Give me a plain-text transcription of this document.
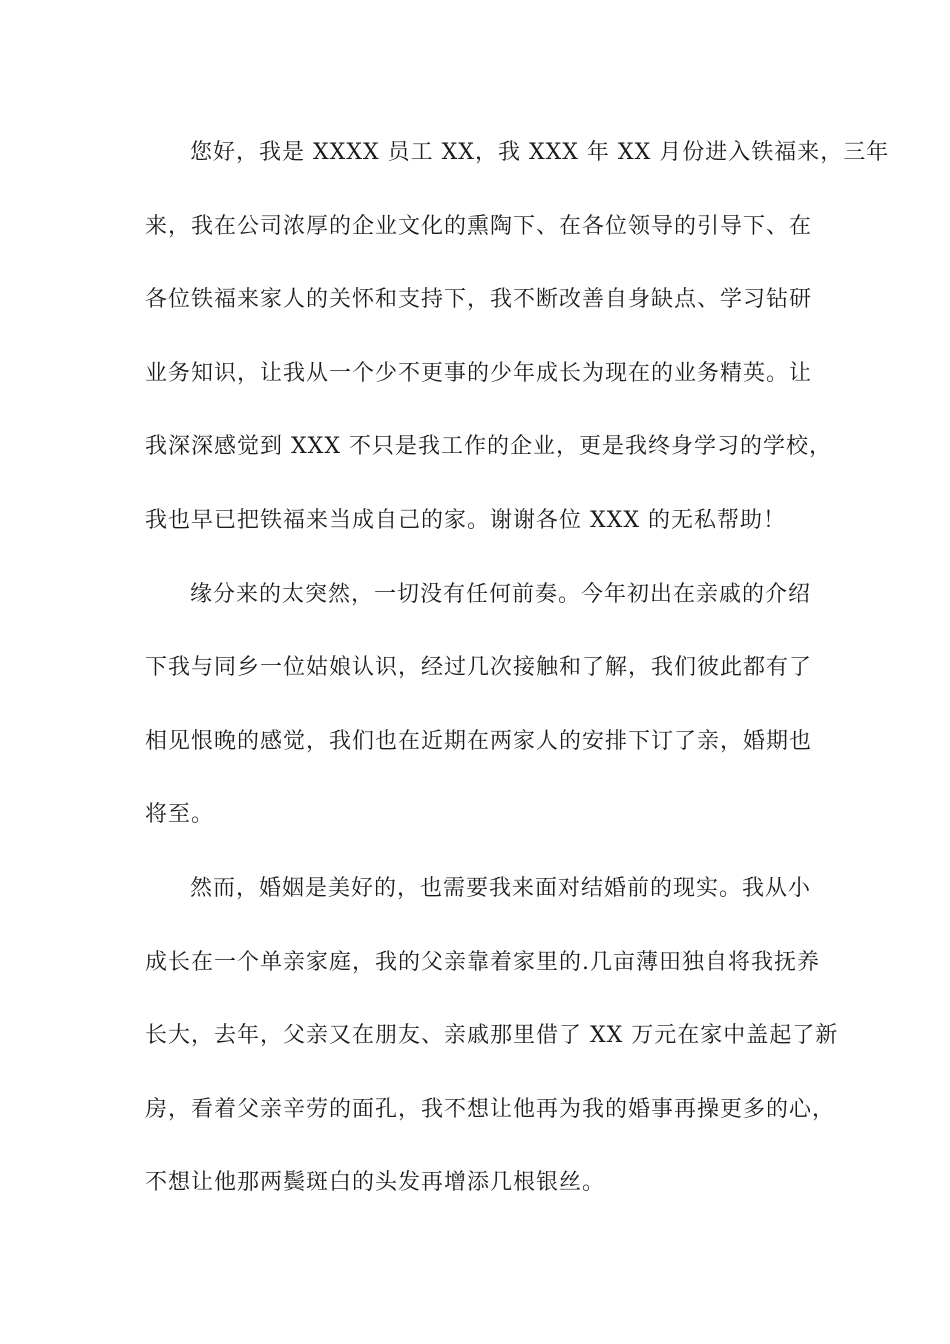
您好，我是 XXXX 员工 XX，我 XXX 年 XX 月份进入铁福来，三年
来，我在公司浓厚的企业文化的熏陶下、在各位领导的引导下、在
各位铁福来家人的关怀和支持下，我不断改善自身缺点、学习钻研
业务知识，让我从一个少不更事的少年成长为现在的业务精英。让
我深深感觉到 XXX 不只是我工作的企业，更是我终身学习的学校，
我也早已把铁福来当成自己的家。谢谢各位 XXX 的无私帮助！
缘分来的太突然，一切没有任何前奏。今年初出在亲戚的介绍
下我与同乡一位姑娘认识，经过几次接触和了解，我们彼此都有了
相见恨晚的感觉，我们也在近期在两家人的安排下订了亲，婚期也
将至。
然而，婚姻是美好的，也需要我来面对结婚前的现实。我从小
成长在一个单亲家庭，我的父亲靠着家里的.几亩薄田独自将我抚养
长大，去年，父亲又在朋友、亲戚那里借了 XX 万元在家中盖起了新
房，看着父亲辛劳的面孔，我不想让他再为我的婚事再操更多的心，
不想让他那两鬓斑白的头发再增添几根银丝。
